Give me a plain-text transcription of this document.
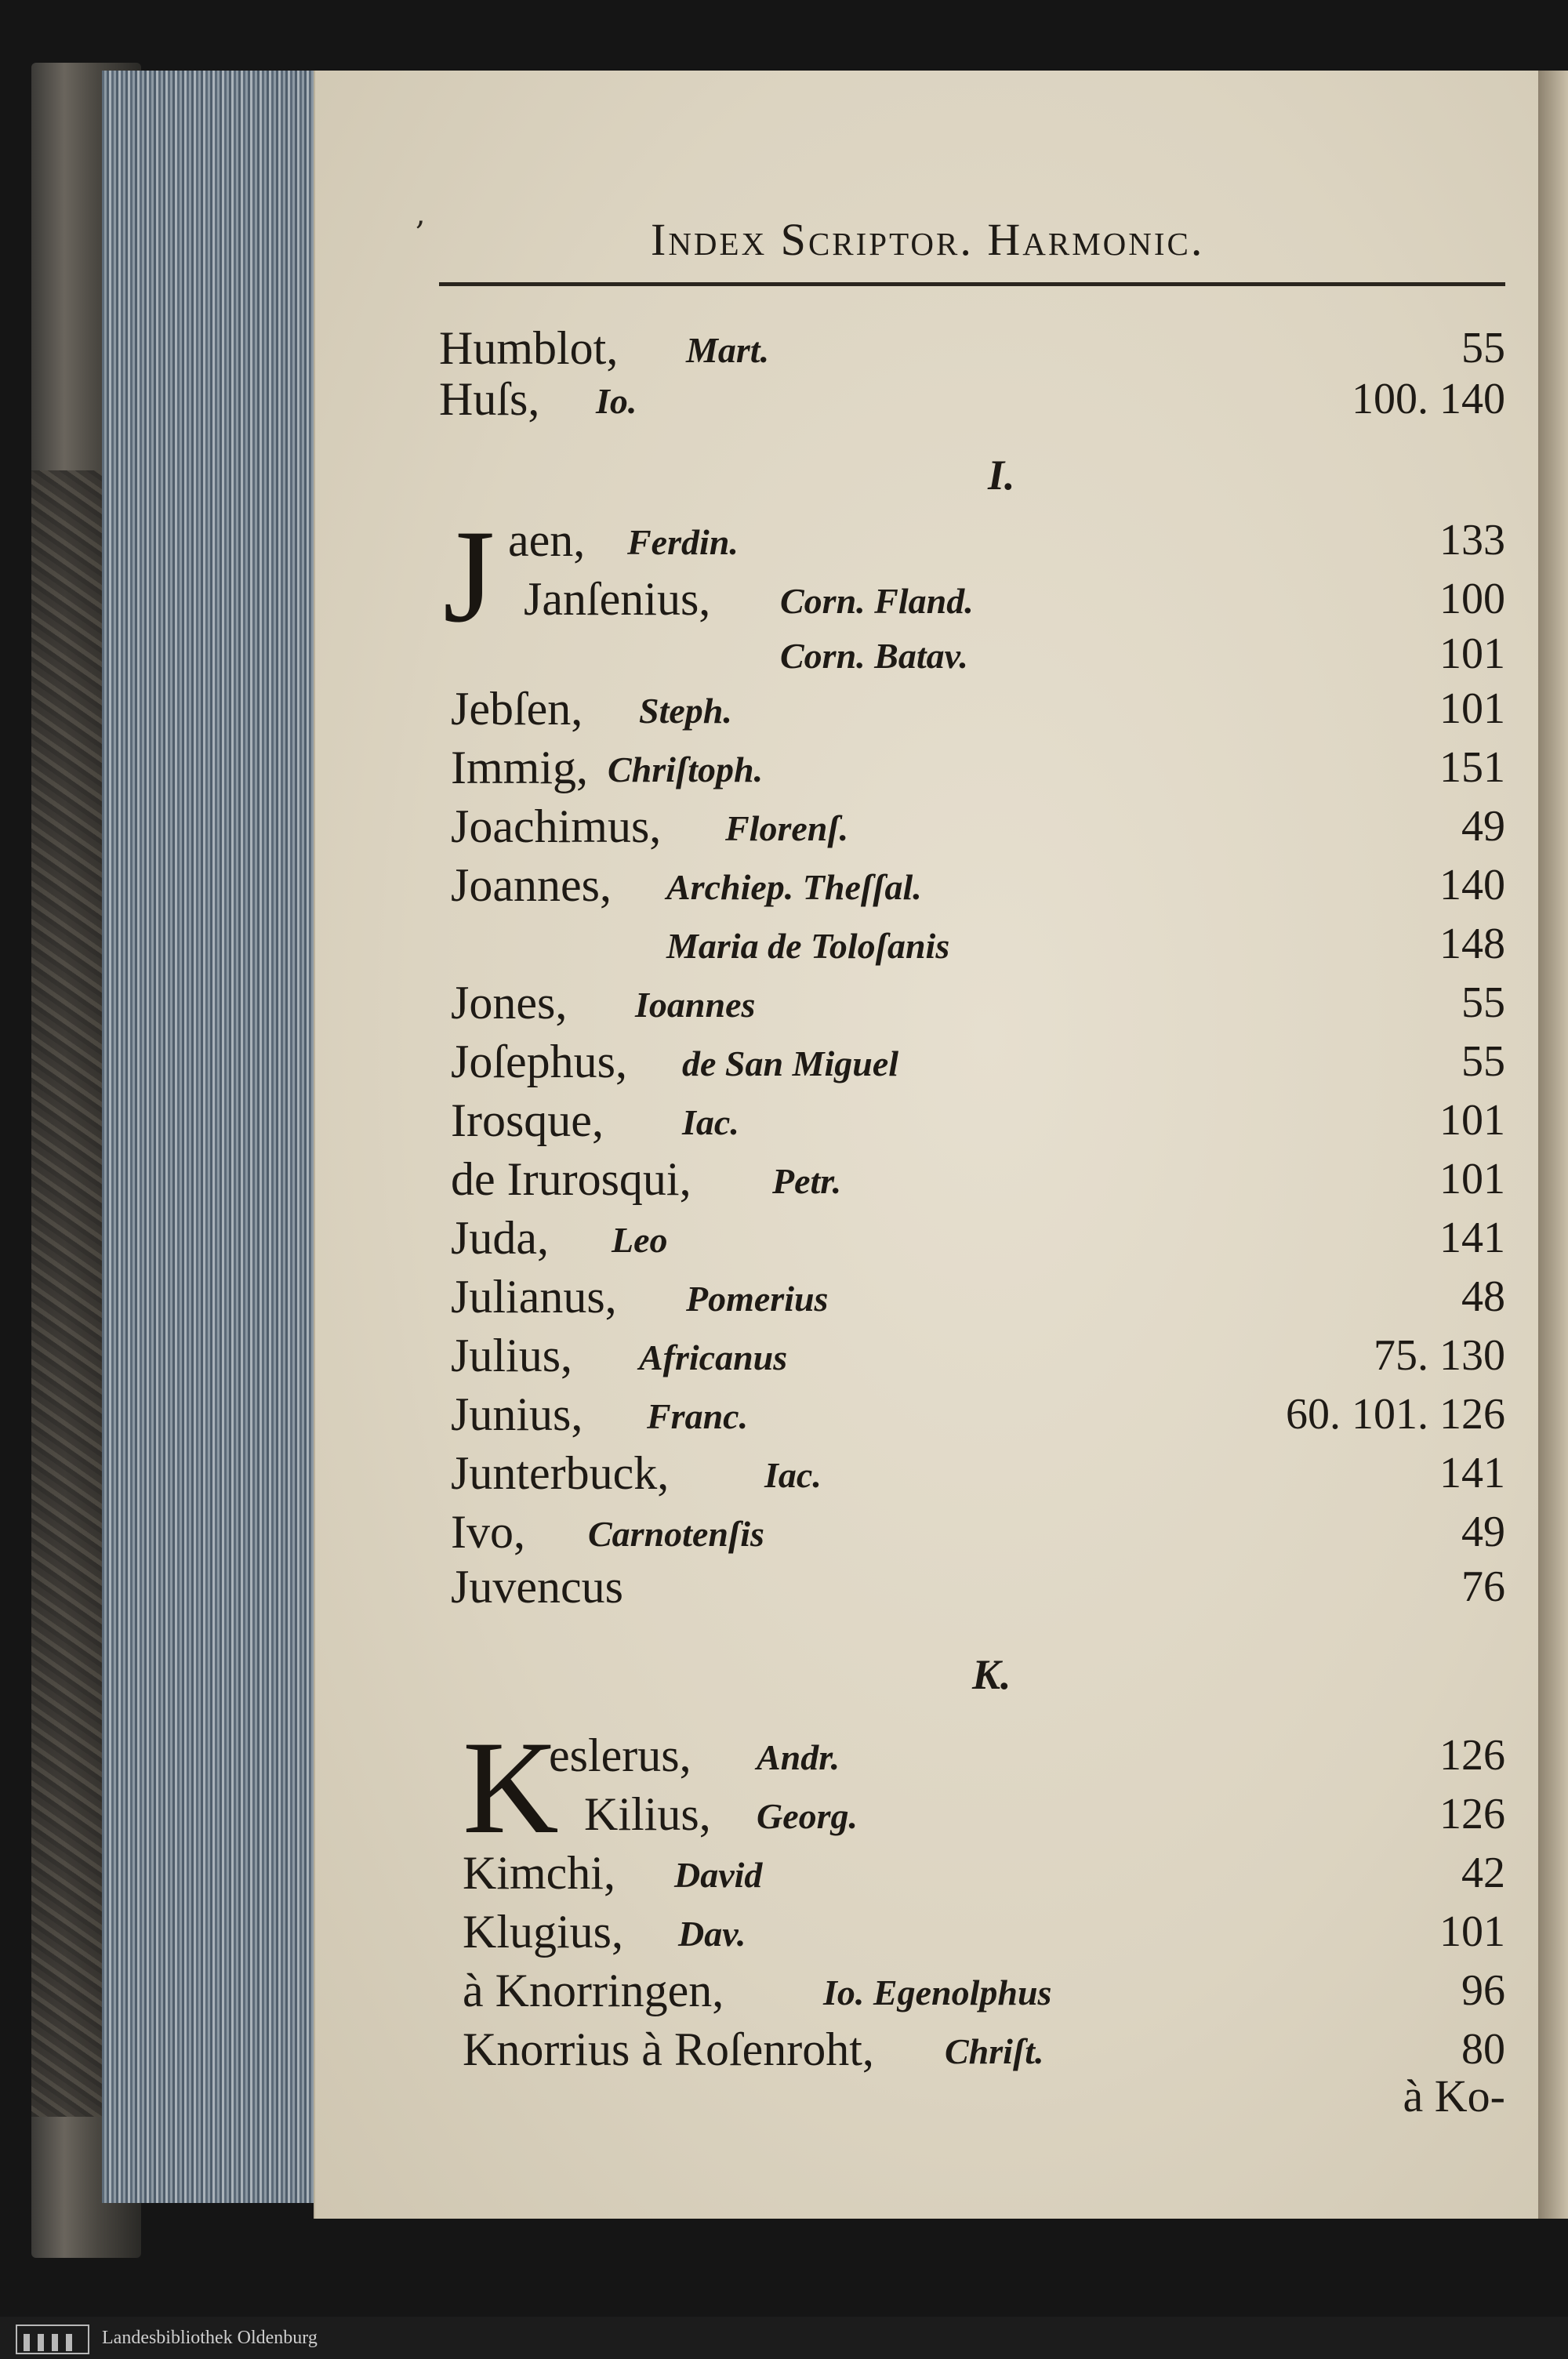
,	Index Scriptor. Harmonic.
Humblot, Mart.	55
Huſs, Io.	100. 140
I.
J aen, Ferdin.	133
Janſenius, Corn. Fland.	100
Corn. Batav.	101
Jebſen, Steph.	101
Immig, Chriſtoph.	151
Joachimus, Florenſ.	49
Joannes, Archiep. Theſſal.	140
Maria de Toloſanis	148
Jones, Ioannes	55
Joſephus, de San Miguel	55
Irosque, Iac.	101
de Irurosqui, Petr.	101
Juda, Leo	141
Julianus, Pomerius	48
Julius, Africanus	75. 130
Junius, Franc.	60. 101. 126
Junterbuck,	Iac.	141
Ivo, Carnotenſis	49
Juvencus	76
K.
K
eslerus, Andr.	126
Kilius, Georg.	126
Kimchi, David	42
Klugius, Dav.	101
à Knorringen,	Io. Egenolphus	96
Knorrius à Roſenroht, Chriſt.	80
à Ko-
Landesbibliothek Oldenburg
